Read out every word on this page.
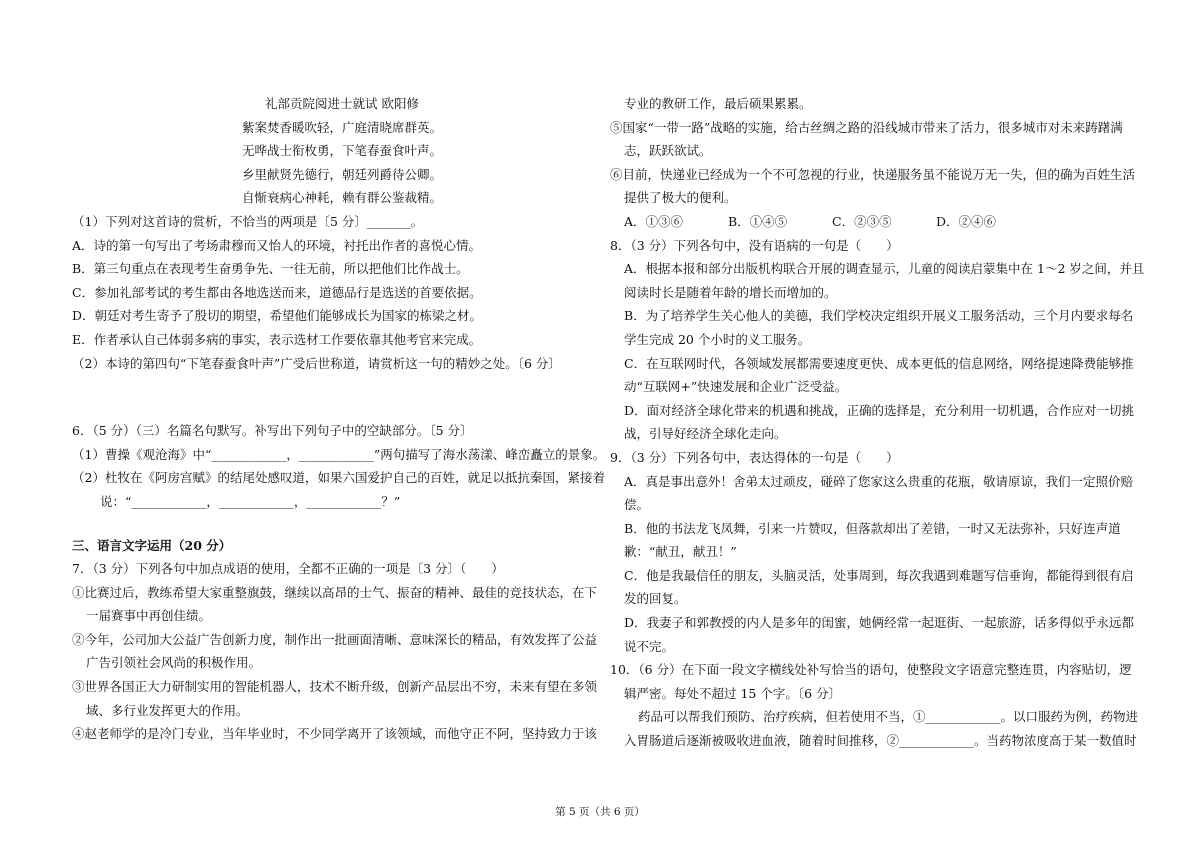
礼部贡院阅进士就试 欧阳修
紫案焚香暖吹轻，广庭清晓席群英。
无哗战士衔枚勇，下笔春蚕食叶声。
乡里献贤先德行，朝廷列爵待公卿。
自惭衰病心神耗，赖有群公鉴裁精。
（1）下列对这首诗的赏析，不恰当的两项是〔5 分〕_______。
A．诗的第一句写出了考场肃穆而又怡人的环境，衬托出作者的喜悦心情。
B．第三句重点在表现考生奋勇争先、一往无前，所以把他们比作战士。
C．参加礼部考试的考生都由各地选送而来，道德品行是选送的首要依据。
D．朝廷对考生寄予了殷切的期望，希望他们能够成长为国家的栋梁之材。
E．作者承认自己体弱多病的事实，表示选材工作要依靠其他考官来完成。
（2）本诗的第四句“下笔春蚕食叶声”广受后世称道，请赏析这一句的精妙之处。〔6 分〕
6．（5 分）（三）名篇名句默写。补写出下列句子中的空缺部分。〔5 分〕
（1）曹操《观沧海》中“____________，____________”两句描写了海水荡漾、峰峦矗立的景象。
（2）杜牧在《阿房宫赋》的结尾处感叹道，如果六国爱护自己的百姓，就足以抵抗秦国，紧接着
说：“____________，____________，____________？”
三、语言文字运用（20 分）
7．（3 分）下列各句中加点成语的使用，全都不正确的一项是〔3 分〕（　　）
①比赛过后，教练希望大家重整旗鼓，继续以高昂的士气、振奋的精神、最佳的竞技状态，在下
一届赛事中再创佳绩。
②今年，公司加大公益广告创新力度，制作出一批画面清晰、意味深长的精品，有效发挥了公益
广告引领社会风尚的积极作用。
③世界各国正大力研制实用的智能机器人，技术不断升级，创新产品层出不穷，未来有望在多领
域、多行业发挥更大的作用。
④赵老师学的是冷门专业，当年毕业时，不少同学离开了该领域，而他守正不阿，坚持致力于该
专业的教研工作，最后硕果累累。
⑤国家“一带一路”战略的实施，给古丝绸之路的沿线城市带来了活力，很多城市对未来踌躇满
志，跃跃欲试。
⑥目前，快递业已经成为一个不可忽视的行业，快递服务虽不能说万无一失，但的确为百姓生活
提供了极大的便利。
A．①③⑥	B．①④⑤	C．②③⑤	D．②④⑥
8．（3 分）下列各句中，没有语病的一句是（　　）
A．根据本报和部分出版机构联合开展的调查显示，儿童的阅读启蒙集中在 1～2 岁之间，并且
阅读时长是随着年龄的增长而增加的。
B．为了培养学生关心他人的美德，我们学校决定组织开展义工服务活动，三个月内要求每名
学生完成 20 个小时的义工服务。
C．在互联网时代，各领域发展都需要速度更快、成本更低的信息网络，网络提速降费能够推
动“互联网+”快速发展和企业广泛受益。
D．面对经济全球化带来的机遇和挑战，正确的选择是，充分利用一切机遇，合作应对一切挑
战，引导好经济全球化走向。
9．（3 分）下列各句中，表达得体的一句是（　　）
A．真是事出意外！舍弟太过顽皮，碰碎了您家这么贵重的花瓶，敬请原谅，我们一定照价赔
偿。
B．他的书法龙飞凤舞，引来一片赞叹，但落款却出了差错，一时又无法弥补，只好连声道
歉：“献丑，献丑！”
C．他是我最信任的朋友，头脑灵活，处事周到，每次我遇到难题写信垂询，都能得到很有启
发的回复。
D．我妻子和郭教授的内人是多年的闺蜜，她俩经常一起逛街、一起旅游，话多得似乎永远都
说不完。
10．（6 分）在下面一段文字横线处补写恰当的语句，使整段文字语意完整连贯，内容贴切，逻
辑严密。每处不超过 15 个字。〔6 分〕
药品可以帮我们预防、治疗疾病，但若使用不当，①____________。以口服药为例，药物进
入胃肠道后逐渐被吸收进血液，随着时间推移，②____________。当药物浓度高于某一数值时
第 5 页（共 6 页）
